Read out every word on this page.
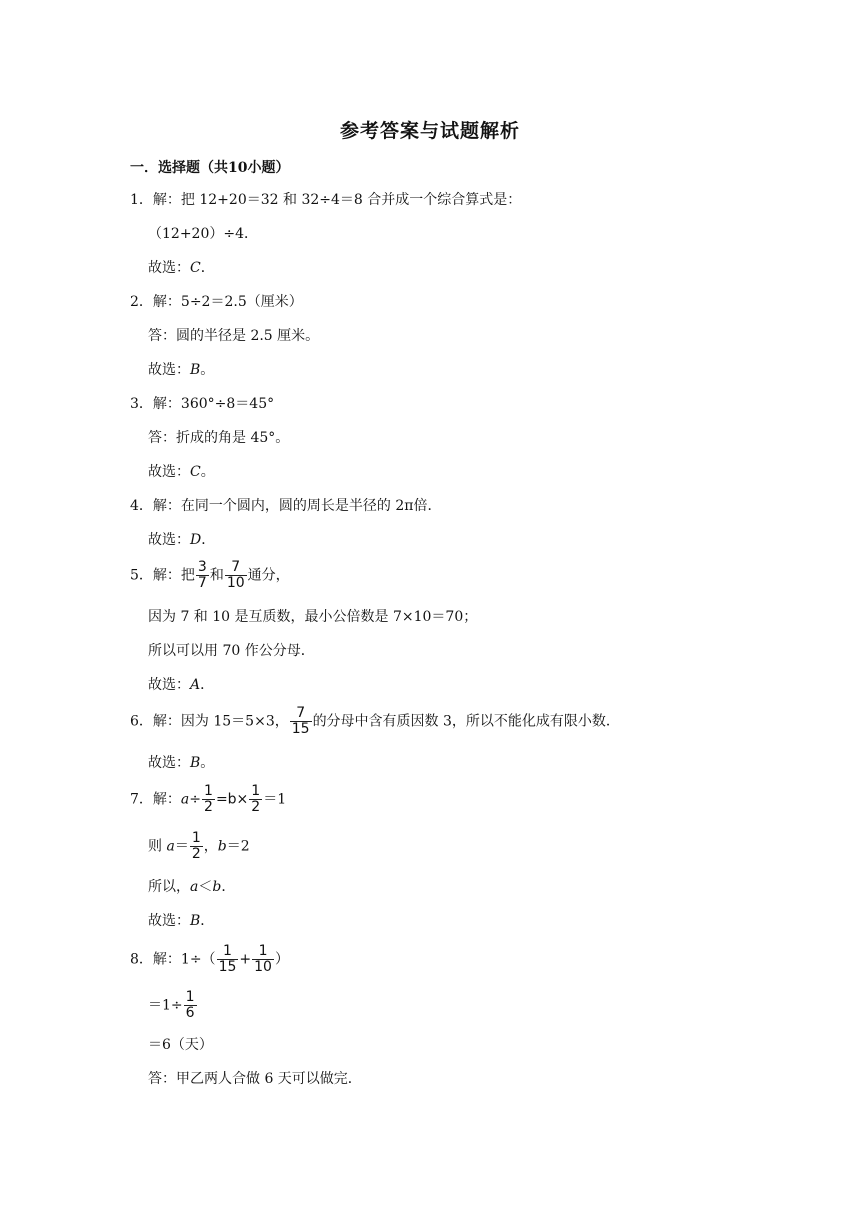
参考答案与试题解析
一．选择题（共10小题）
1．解：把 12+20＝32 和 32÷4＝8 合并成一个综合算式是：
（12+20）÷4．
故选：C．
2．解：5÷2＝2.5（厘米）
答：圆的半径是 2.5 厘米。
故选：B。
3．解：360°÷8＝45°
答：折成的角是 45°。
故选：C。
4．解：在同一个圆内，圆的周长是半径的 2π倍．
故选：D．
5．解：把 $\frac{3}{7}$ 和 $\frac{7}{10}$ 通分，
因为 7 和 10 是互质数，最小公倍数是 7×10＝70；
所以可以用 70 作公分母．
故选：A．
6．解：因为 15＝5×3， $\frac{7}{15}$ 的分母中含有质因数 3，所以不能化成有限小数．
故选：B。
7．解：$a\div \frac{1}{2} =b\times \frac{1}{2} =1$
则 $a= \frac{1}{2}$ ，b＝2
所以，a＜b．
故选：B．
8．解：$1\div( \frac{1}{15} + \frac{1}{10}$ ）
$=1\div \frac{1}{6}$
＝6（天）
答：甲乙两人合做 6 天可以做完．
